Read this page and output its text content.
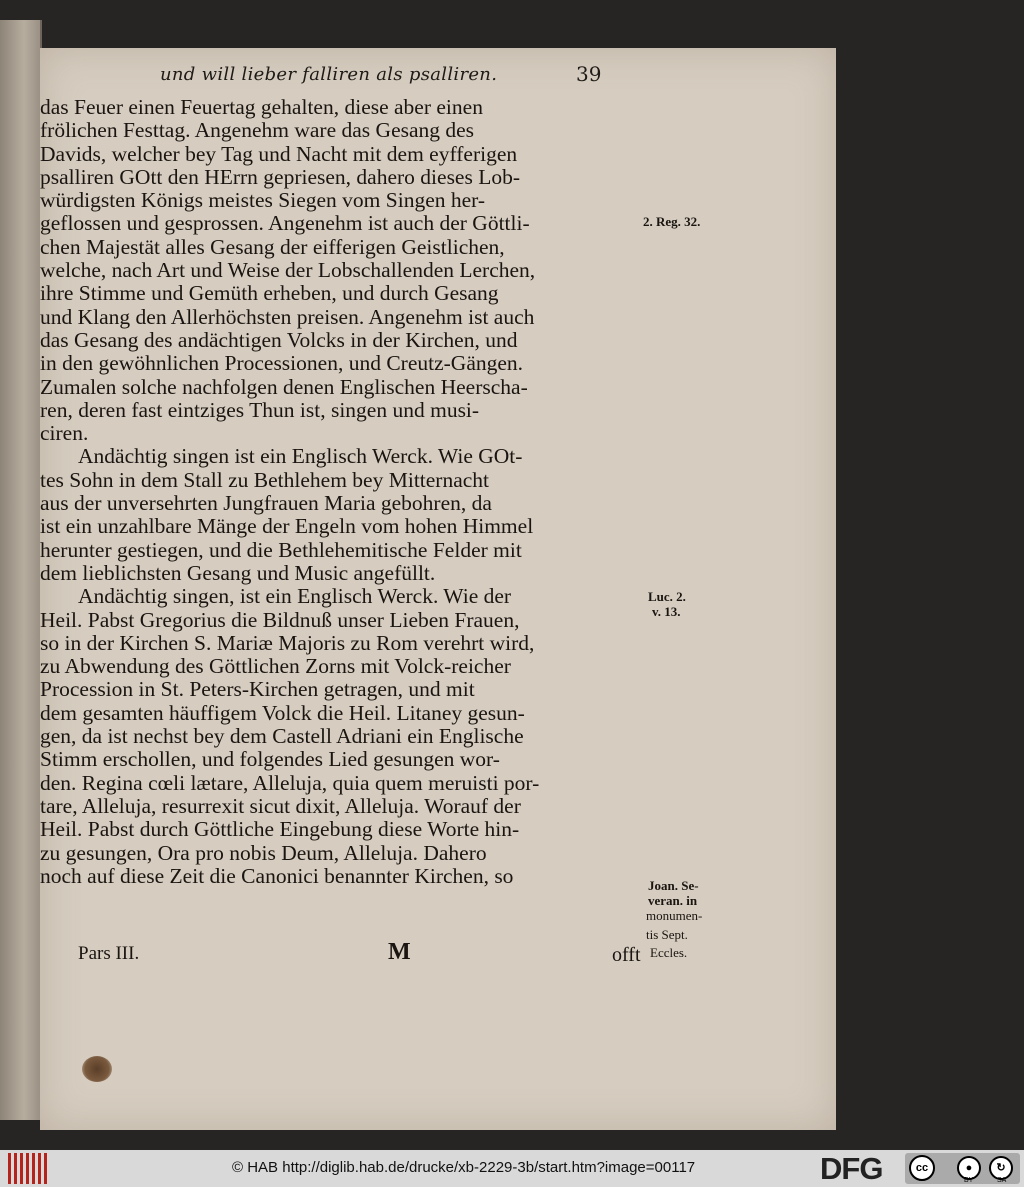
und will lieber falliren als psalliren.	39
das Feuer einen Feuertag gehalten, diese aber einen
frölichen Festtag. Angenehm ware das Gesang des
Davids, welcher bey Tag und Nacht mit dem eyfferigen
psalliren GOtt den HErrn gepriesen, dahero dieses Lob-
würdigsten Königs meistes Siegen vom Singen her-
geflossen und gesprossen. Angenehm ist auch der Göttli-
chen Majestät alles Gesang der eifferigen Geistlichen,
welche, nach Art und Weise der Lobschallenden Lerchen,
ihre Stimme und Gemüth erheben, und durch Gesang
und Klang den Allerhöchsten preisen. Angenehm ist auch
das Gesang des andächtigen Volcks in der Kirchen, und
in den gewöhnlichen Processionen, und Creutz-Gängen.
Zumalen solche nachfolgen denen Englischen Heerscha-
ren, deren fast eintziges Thun ist, singen und musi-
ciren.
Andächtig singen ist ein Englisch Werck. Wie GOt-
tes Sohn in dem Stall zu Bethlehem bey Mitternacht
aus der unversehrten Jungfrauen Maria gebohren, da
ist ein unzahlbare Mänge der Engeln vom hohen Himmel
herunter gestiegen, und die Bethlehemitische Felder mit
dem lieblichsten Gesang und Music angefüllt.
Andächtig singen, ist ein Englisch Werck. Wie der
Heil. Pabst Gregorius die Bildnuß unser Lieben Frauen,
so in der Kirchen S. Mariæ Majoris zu Rom verehrt wird,
zu Abwendung des Göttlichen Zorns mit Volck-reicher
Procession in St. Peters-Kirchen getragen, und mit
dem gesamten häuffigem Volck die Heil. Litaney gesun-
gen, da ist nechst bey dem Castell Adriani ein Englische
Stimm erschollen, und folgendes Lied gesungen wor-
den. Regina cœli lætare, Alleluja, quia quem meruisti por-
tare, Alleluja, resurrexit sicut dixit, Alleluja. Worauf der
Heil. Pabst durch Göttliche Eingebung diese Worte hin-
zu gesungen, Ora pro nobis Deum, Alleluja. Dahero
noch auf diese Zeit die Canonici benannter Kirchen, so
2. Reg. 32.
Luc. 2.
v. 13.
Joan. Se-
veran. in
monumen-
tis Sept.
Eccles.
Pars III.	M	offt
© HAB http://diglib.hab.de/drucke/xb-2229-3b/start.htm?image=00117	DFG	cc	●	↻
BY	SA
